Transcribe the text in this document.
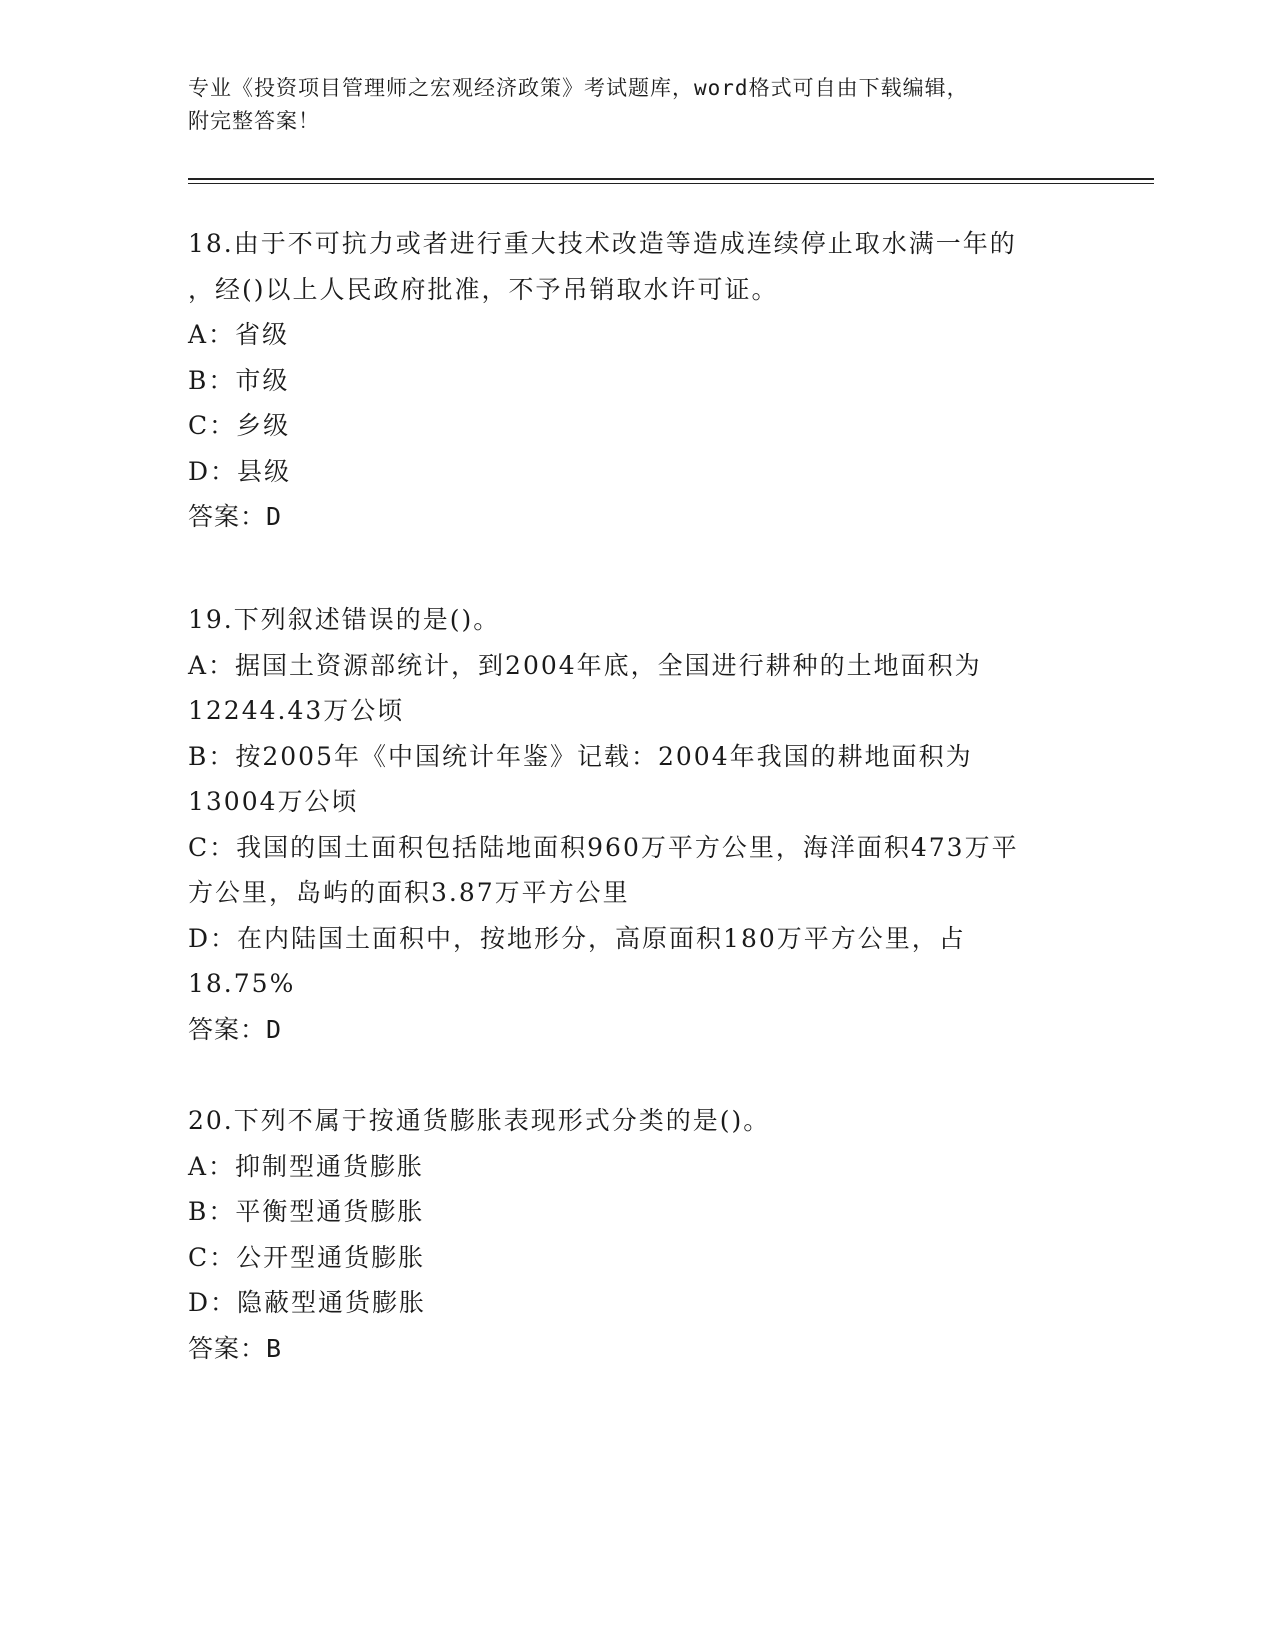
专业《投资项目管理师之宏观经济政策》考试题库，word格式可自由下载编辑，
附完整答案！
18.由于不可抗力或者进行重大技术改造等造成连续停止取水满一年的
，经()以上人民政府批准，不予吊销取水许可证。
A：省级
B：市级
C：乡级
D：县级
答案：D
19.下列叙述错误的是()。
A：据国土资源部统计，到2004年底，全国进行耕种的土地面积为
12244.43万公顷
B：按2005年《中国统计年鉴》记载：2004年我国的耕地面积为
13004万公顷
C：我国的国土面积包括陆地面积960万平方公里，海洋面积473万平
方公里，岛屿的面积3.87万平方公里
D：在内陆国土面积中，按地形分，高原面积180万平方公里，占
18.75%
答案：D
20.下列不属于按通货膨胀表现形式分类的是()。
A：抑制型通货膨胀
B：平衡型通货膨胀
C：公开型通货膨胀
D：隐蔽型通货膨胀
答案：B
